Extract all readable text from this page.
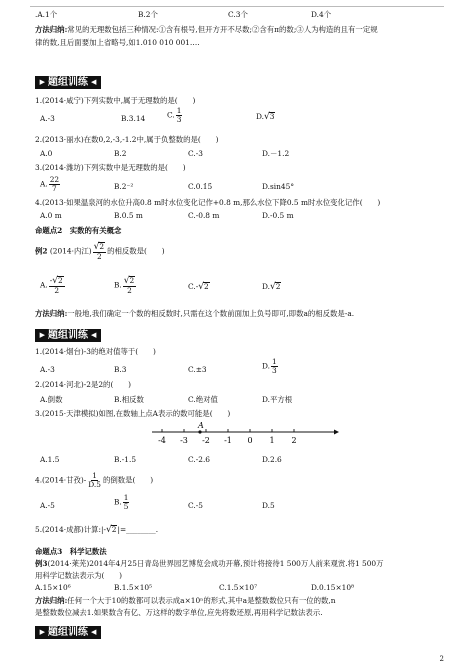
.A.1个	B.2个	C.3个	D.4个
方法归纳:常见的无理数包括三种情况:①含有根号,但开方开不尽数;②含有π的数;③人为构造的且有一定规
律的数,且后面要加上省略号,如1.010 010 001….
▶ 题组训练 ◀
1.(2014·咸宁)下列实数中,属于无理数的是(　　)
A.-3	B.3.14	C. $\frac{1}{3}$	D.√3
2.(2013·丽水)在数0,2,-3,-1.2中,属于负整数的是(　　)
A.0	B.2	C.-3	D.－1.2
3.(2014·潍坊)下列实数中是无理数的是(　　)
A. $\frac{22}{7}$	B.2⁻²	C.0.1̇5̇	D.sin45°
4.(2013·如果温泉河的水位升高0.8 m时水位变化记作+0.8 m,那么水位下降0.5 m时水位变化记作(　　)
A.0 m	B.0.5 m	C.-0.8 m	D.-0.5 m
命题点2　实数的有关概念
例2 (2014·内江) $\frac{√2}{2}$ 的相反数是(　　)
A. $\frac{-√2}{2}$	B. $\frac{√2}{2}$	C.-√2	D.√2
方法归纳:一般地,我们确定一个数的相反数时,只需在这个数前面加上负号即可,即数a的相反数是-a.
▶ 题组训练 ◀
1.(2014·烟台)-3的绝对值等于(　　)
A.-3	B.3	C.±3	D. $\frac{1}{3}$
2.(2014·河北)-2是2的(　　)
A.倒数	B.相反数	C.绝对值	D.平方根
3.(2015·天津模拟)如图,在数轴上点A表示的数可能是(　　)
-4 -3 -2 -1 0 1 2
A
A.1.5	B.-1.5	C.-2.6	D.2.6
4.(2014·甘孜)- $\frac{1}{D.5}$ 的倒数是(　　)
A.-5	B. $\frac{1}{5}$	C.-5	D.5
5.(2014·成都)计算:|-√2|=________.
命题点3　科学记数法
例3(2014·莱芜)2014年4月25日青岛世界园艺博览会成功开幕,预计将接待1 500万人前来观赏.将1 500万
用科学记数法表示为(　　)
A.15×10⁶	B.1.5×10⁵	C.1.5×10⁷	D.0.15×10⁸
方法归纳:任何一个大于10的数都可以表示成a×10ⁿ的形式,其中a是整数数位只有一位的数,n
是整数数位减去1.如果数含有亿、万这样的数字单位,应先将数还原,再用科学记数法表示.
▶ 题组训练 ◀
2
